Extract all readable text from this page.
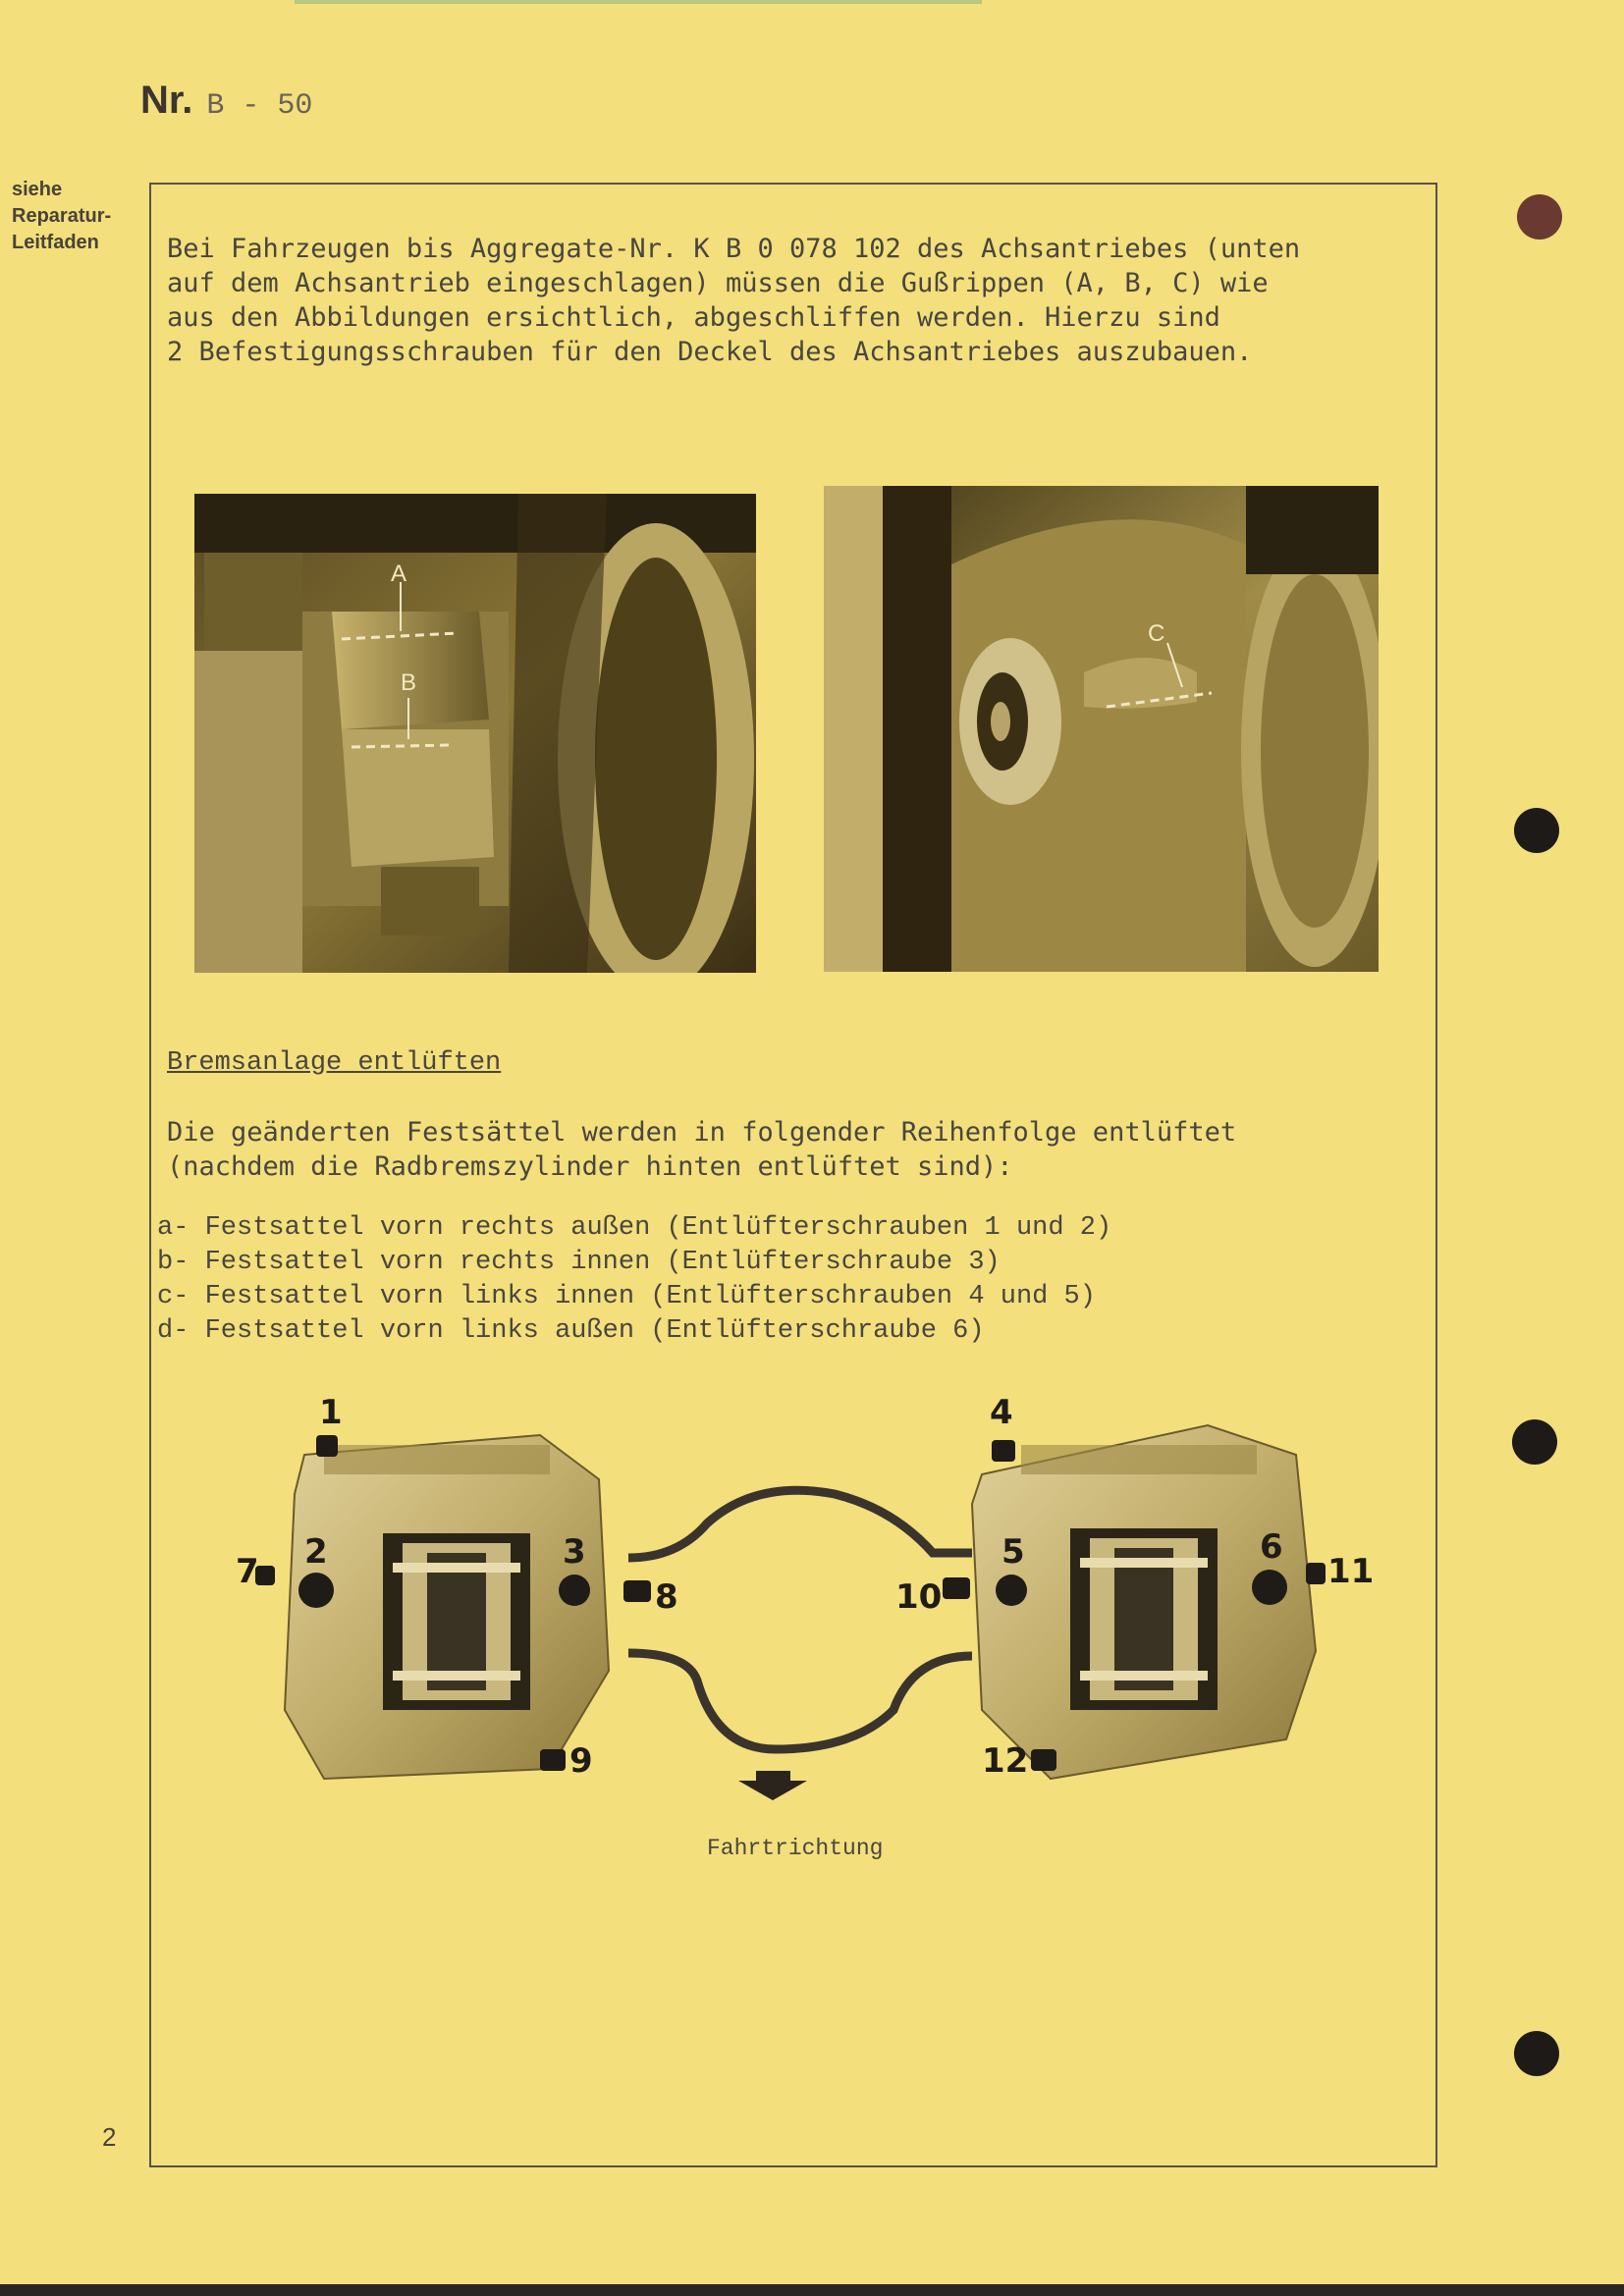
Nr. B - 50
siehe
Reparatur-
Leitfaden	Bei Fahrzeugen bis Aggregate-Nr. K B 0 078 102 des Achsantriebes (unten
auf dem Achsantrieb eingeschlagen) müssen die Gußrippen (A, B, C) wie
aus den Abbildungen ersichtlich, abgeschliffen werden. Hierzu sind
2 Befestigungsschrauben für den Deckel des Achsantriebes auszubauen.
A
B
C
Bremsanlage entlüften
Die geänderten Festsättel werden in folgender Reihenfolge entlüftet
(nachdem die Radbremszylinder hinten entlüftet sind):
a- Festsattel vorn rechts außen (Entlüfterschrauben 1 und 2)
b- Festsattel vorn rechts innen (Entlüfterschraube 3)
c- Festsattel vorn links innen (Entlüfterschrauben 4 und 5)
d- Festsattel vorn links außen (Entlüfterschraube 6)
1
2	3
4
5	6
7
8
9
10
11
12
Fahrtrichtung
2
